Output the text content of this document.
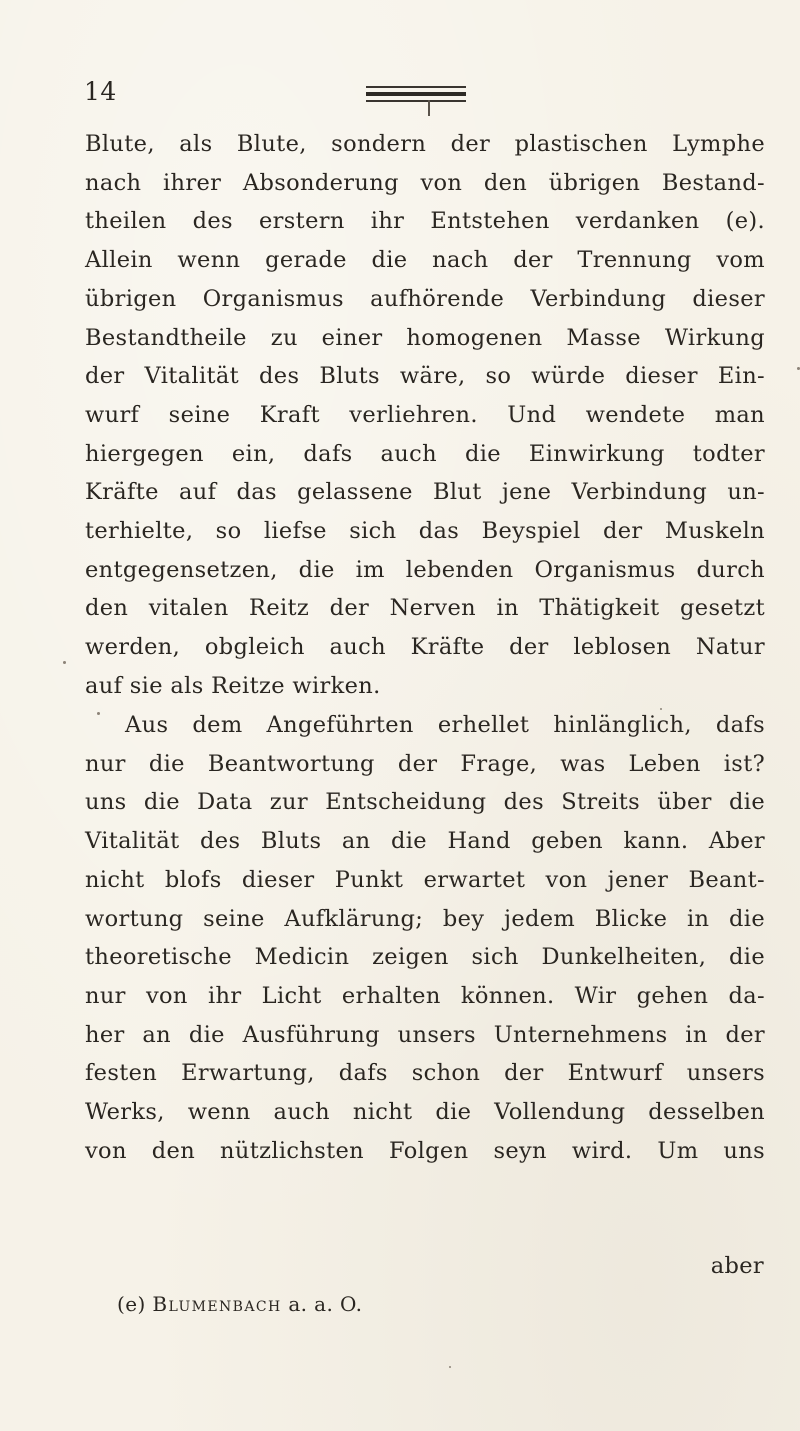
14
Blute, als Blute, sondern der plastischen Lymphe
nach ihrer Absonderung von den übrigen Bestand-
theilen des erstern ihr Entstehen verdanken (e).
Allein wenn gerade die nach der Trennung vom
übrigen Organismus aufhörende Verbindung dieser
Bestandtheile zu einer homogenen Masse Wirkung
der Vitalität des Bluts wäre, so würde dieser Ein-
wurf seine Kraft verliehren. Und wendete man
hiergegen ein, dafs auch die Einwirkung todter
Kräfte auf das gelassene Blut jene Verbindung un-
terhielte, so liefse sich das Beyspiel der Muskeln
entgegensetzen, die im lebenden Organismus durch
den vitalen Reitz der Nerven in Thätigkeit gesetzt
werden, obgleich auch Kräfte der leblosen Natur
auf sie als Reitze wirken.
Aus dem Angeführten erhellet hinlänglich, dafs
nur die Beantwortung der Frage, was Leben ist?
uns die Data zur Entscheidung des Streits über die
Vitalität des Bluts an die Hand geben kann. Aber
nicht blofs dieser Punkt erwartet von jener Beant-
wortung seine Aufklärung; bey jedem Blicke in die
theoretische Medicin zeigen sich Dunkelheiten, die
nur von ihr Licht erhalten können. Wir gehen da-
her an die Ausführung unsers Unternehmens in der
festen Erwartung, dafs schon der Entwurf unsers
Werks, wenn auch nicht die Vollendung desselben
von den nützlichsten Folgen seyn wird. Um uns
aber
(e) Blumenbach a. a. O.
